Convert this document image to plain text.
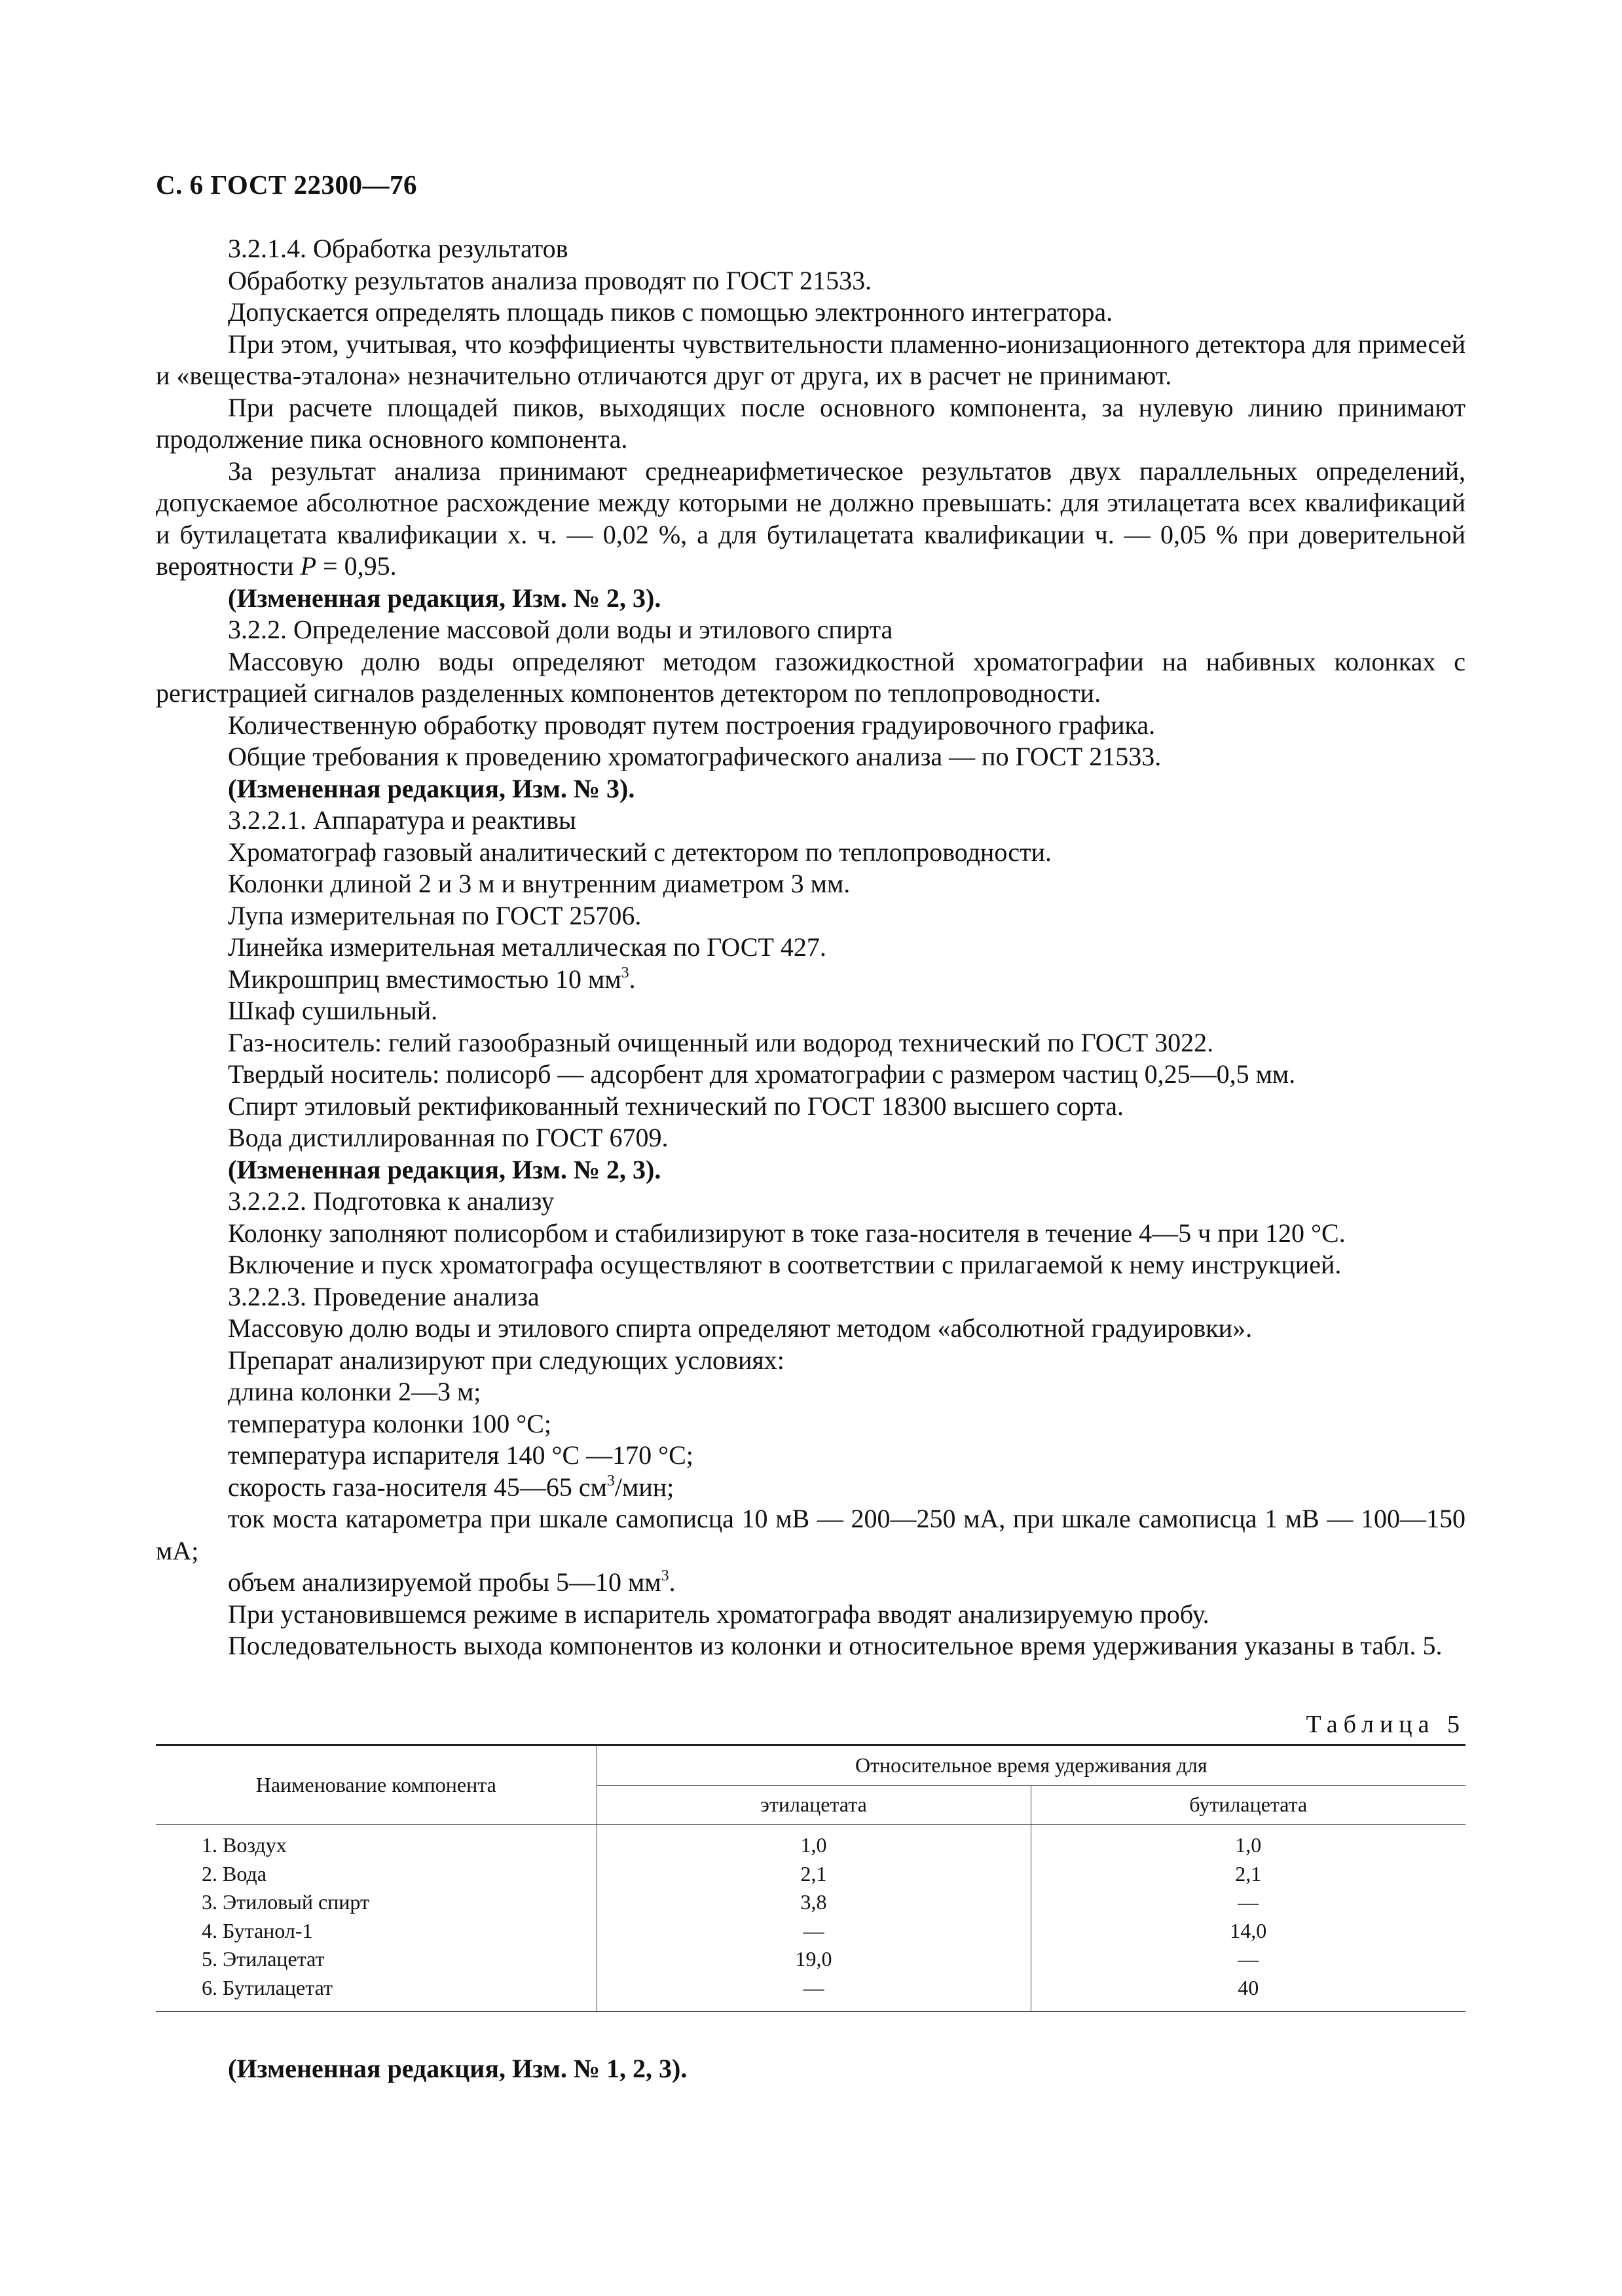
С. 6 ГОСТ 22300—76

3.2.1.4. Обработка результатов

Обработку результатов анализа проводят по ГОСТ 21533.

Допускается определять площадь пиков с помощью электронного интегратора.

При этом, учитывая, что коэффициенты чувствительности пламенно-ионизационного детектора для примесей и «вещества-эталона» незначительно отличаются друг от друга, их в расчет не принимают.

При расчете площадей пиков, выходящих после основного компонента, за нулевую линию принимают продолжение пика основного компонента.

За результат анализа принимают среднеарифметическое результатов двух параллельных определений, допускаемое абсолютное расхождение между которыми не должно превышать: для этилацетата всех квалификаций и бутилацетата квалификации х. ч. — 0,02 %, а для бутилацетата квалификации ч. — 0,05 % при доверительной вероятности P = 0,95.

(Измененная редакция, Изм. № 2, 3).

3.2.2. Определение массовой доли воды и этилового спирта

Массовую долю воды определяют методом газожидкостной хроматографии на набивных колонках с регистрацией сигналов разделенных компонентов детектором по теплопроводности.

Количественную обработку проводят путем построения градуировочного графика.

Общие требования к проведению хроматографического анализа — по ГОСТ 21533.

(Измененная редакция, Изм. № 3).

3.2.2.1. Аппаратура и реактивы

Хроматограф газовый аналитический с детектором по теплопроводности.

Колонки длиной 2 и 3 м и внутренним диаметром 3 мм.

Лупа измерительная по ГОСТ 25706.

Линейка измерительная металлическая по ГОСТ 427.

Микрошприц вместимостью 10 $мм^3$.

Шкаф сушильный.

Газ-носитель: гелий газообразный очищенный или водород технический по ГОСТ 3022.

Твердый носитель: полисорб — адсорбент для хроматографии с размером частиц 0,25—0,5 мм.

Спирт этиловый ректификованный технический по ГОСТ 18300 высшего сорта.

Вода дистиллированная по ГОСТ 6709.

(Измененная редакция, Изм. № 2, 3).

3.2.2.2. Подготовка к анализу

Колонку заполняют полисорбом и стабилизируют в токе газа-носителя в течение 4—5 ч при 120 °С.

Включение и пуск хроматографа осуществляют в соответствии с прилагаемой к нему инструкцией.

3.2.2.3. Проведение анализа

Массовую долю воды и этилового спирта определяют методом «абсолютной градуировки».

Препарат анализируют при следующих условиях:

длина колонки 2—3 м;

температура колонки 100 °С;

температура испарителя 140 °С —170 °С;

скорость газа-носителя 45—65 $см^3$/мин;

ток моста катарометра при шкале самописца 10 мВ — 200—250 мА, при шкале самописца 1 мВ — 100—150 мА;

объем анализируемой пробы 5—10 $мм^3$.

При установившемся режиме в испаритель хроматографа вводят анализируемую пробу.

Последовательность выхода компонентов из колонки и относительное время удерживания указаны в табл. 5.

Таблица 5
Наименование компонента	Относительное время удерживания для	
	этилацетата	бутилацетата
1. Воздух	1,0	1,0
2. Вода	2,1	2,1
3. Этиловый спирт	3,8	—
4. Бутанол-1	—	14,0
5. Этилацетат	19,0	—
6. Бутилацетат	—	40
(Измененная редакция, Изм. № 1, 2, 3).
